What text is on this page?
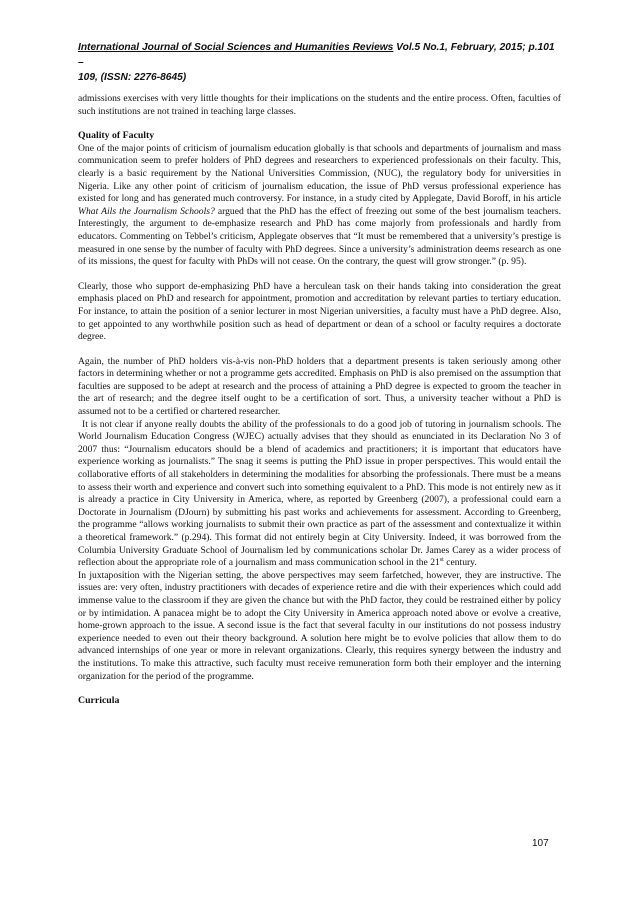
International Journal of Social Sciences and Humanities Reviews Vol.5 No.1, February, 2015; p.101 –
109, (ISSN: 2276-8645)

admissions exercises with very little thoughts for their implications on the students and the entire process. Often, faculties of such institutions are not trained in teaching large classes.

Quality of Faculty

One of the major points of criticism of journalism education globally is that schools and departments of journalism and mass communication seem to prefer holders of PhD degrees and researchers to experienced professionals on their faculty. This, clearly is a basic requirement by the National Universities Commission, (NUC), the regulatory body for universities in Nigeria. Like any other point of criticism of journalism education, the issue of PhD versus professional experience has existed for long and has generated much controversy. For instance, in a study cited by Applegate, David Boroff, in his article What Ails the Journalism Schools? argued that the PhD has the effect of freezing out some of the best journalism teachers. Interestingly, the argument to de-emphasize research and PhD has come majorly from professionals and hardly from educators. Commenting on Tebbel’s criticism, Applegate observes that “It must be remembered that a university’s prestige is measured in one sense by the number of faculty with PhD degrees. Since a university’s administration deems research as one of its missions, the quest for faculty with PhDs will not cease. On the contrary, the quest will grow stronger.” (p. 95).

Clearly, those who support de-emphasizing PhD have a herculean task on their hands taking into consideration the great emphasis placed on PhD and research for appointment, promotion and accreditation by relevant parties to tertiary education. For instance, to attain the position of a senior lecturer in most Nigerian universities, a faculty must have a PhD degree. Also, to get appointed to any worthwhile position such as head of department or dean of a school or faculty requires a doctorate degree.

Again, the number of PhD holders vis-à-vis non-PhD holders that a department presents is taken seriously among other factors in determining whether or not a programme gets accredited. Emphasis on PhD is also premised on the assumption that faculties are supposed to be adept at research and the process of attaining a PhD degree is expected to groom the teacher in the art of research; and the degree itself ought to be a certification of sort. Thus, a university teacher without a PhD is assumed not to be a certified or chartered researcher.

It is not clear if anyone really doubts the ability of the professionals to do a good job of tutoring in journalism schools. The World Journalism Education Congress (WJEC) actually advises that they should as enunciated in its Declaration No 3 of 2007 thus: “Journalism educators should be a blend of academics and practitioners; it is important that educators have experience working as journalists.” The snag it seems is putting the PhD issue in proper perspectives. This would entail the collaborative efforts of all stakeholders in determining the modalities for absorbing the professionals. There must be a means to assess their worth and experience and convert such into something equivalent to a PhD. This mode is not entirely new as it is already a practice in City University in America, where, as reported by Greenberg (2007), a professional could earn a Doctorate in Journalism (DJourn) by submitting his past works and achievements for assessment. According to Greenberg, the programme “allows working journalists to submit their own practice as part of the assessment and contextualize it within a theoretical framework.” (p.294). This format did not entirely begin at City University. Indeed, it was borrowed from the Columbia University Graduate School of Journalism led by communications scholar Dr. James Carey as a wider process of reflection about the appropriate role of a journalism and mass communication school in the 21st century.

In juxtaposition with the Nigerian setting, the above perspectives may seem farfetched, however, they are instructive. The issues are: very often, industry practitioners with decades of experience retire and die with their experiences which could add immense value to the classroom if they are given the chance but with the PhD factor, they could be restrained either by policy or by intimidation. A panacea might be to adopt the City University in America approach noted above or evolve a creative, home-grown approach to the issue. A second issue is the fact that several faculty in our institutions do not possess industry experience needed to even out their theory background. A solution here might be to evolve policies that allow them to do advanced internships of one year or more in relevant organizations. Clearly, this requires synergy between the industry and the institutions. To make this attractive, such faculty must receive remuneration form both their employer and the interning organization for the period of the programme.

Curricula
107
